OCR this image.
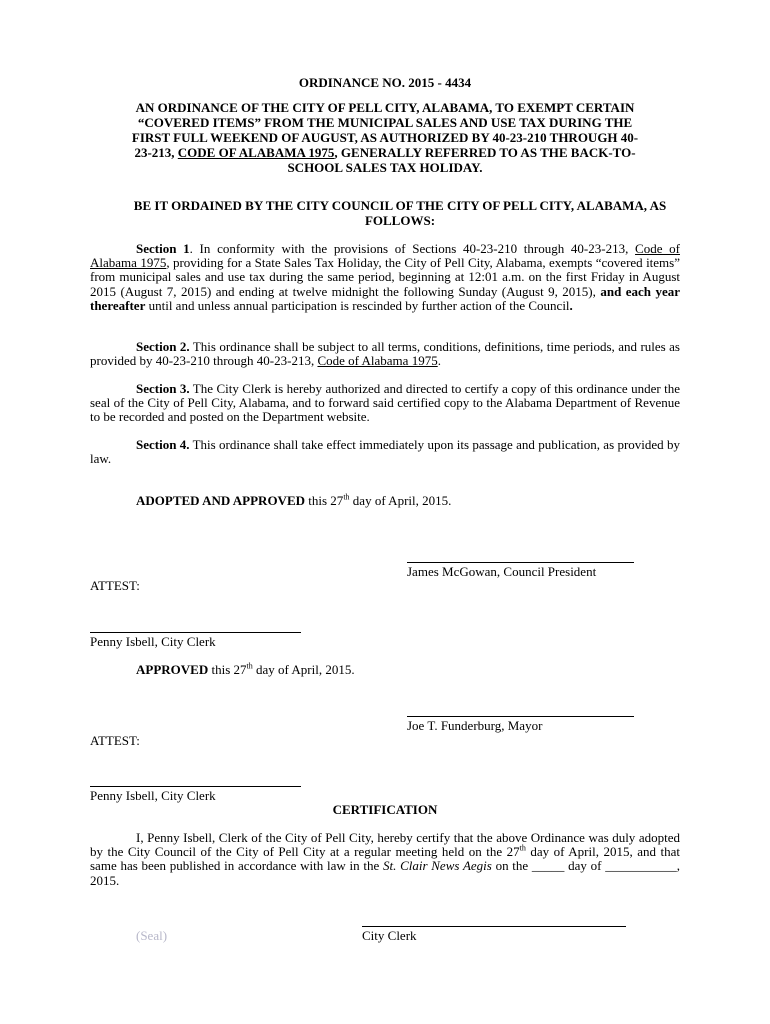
ORDINANCE NO. 2015 - 4434
AN ORDINANCE OF THE CITY OF PELL CITY, ALABAMA, TO EXEMPT CERTAIN “COVERED ITEMS” FROM THE MUNICIPAL SALES AND USE TAX DURING THE FIRST FULL WEEKEND OF AUGUST, AS AUTHORIZED BY 40-23-210 THROUGH 40-23-213, CODE OF ALABAMA 1975, GENERALLY REFERRED TO AS THE BACK-TO-SCHOOL SALES TAX HOLIDAY.
BE IT ORDAINED BY THE CITY COUNCIL OF THE CITY OF PELL CITY, ALABAMA, AS FOLLOWS:
Section 1. In conformity with the provisions of Sections 40-23-210 through 40-23-213, Code of Alabama 1975, providing for a State Sales Tax Holiday, the City of Pell City, Alabama, exempts “covered items” from municipal sales and use tax during the same period, beginning at 12:01 a.m. on the first Friday in August 2015 (August 7, 2015) and ending at twelve midnight the following Sunday (August 9, 2015), and each year thereafter until and unless annual participation is rescinded by further action of the Council.
Section 2. This ordinance shall be subject to all terms, conditions, definitions, time periods, and rules as provided by 40-23-210 through 40-23-213, Code of Alabama 1975.
Section 3. The City Clerk is hereby authorized and directed to certify a copy of this ordinance under the seal of the City of Pell City, Alabama, and to forward said certified copy to the Alabama Department of Revenue to be recorded and posted on the Department website.
Section 4. This ordinance shall take effect immediately upon its passage and publication, as provided by law.
ADOPTED AND APPROVED this 27th day of April, 2015.
James McGowan, Council President
ATTEST:
Penny Isbell, City Clerk
APPROVED this 27th day of April, 2015.
Joe T. Funderburg, Mayor
ATTEST:
Penny Isbell, City Clerk
CERTIFICATION
I, Penny Isbell, Clerk of the City of Pell City, hereby certify that the above Ordinance was duly adopted by the City Council of the City of Pell City at a regular meeting held on the 27th day of April, 2015, and that same has been published in accordance with law in the St. Clair News Aegis on the _____ day of ___________, 2015.
(Seal)	City Clerk
